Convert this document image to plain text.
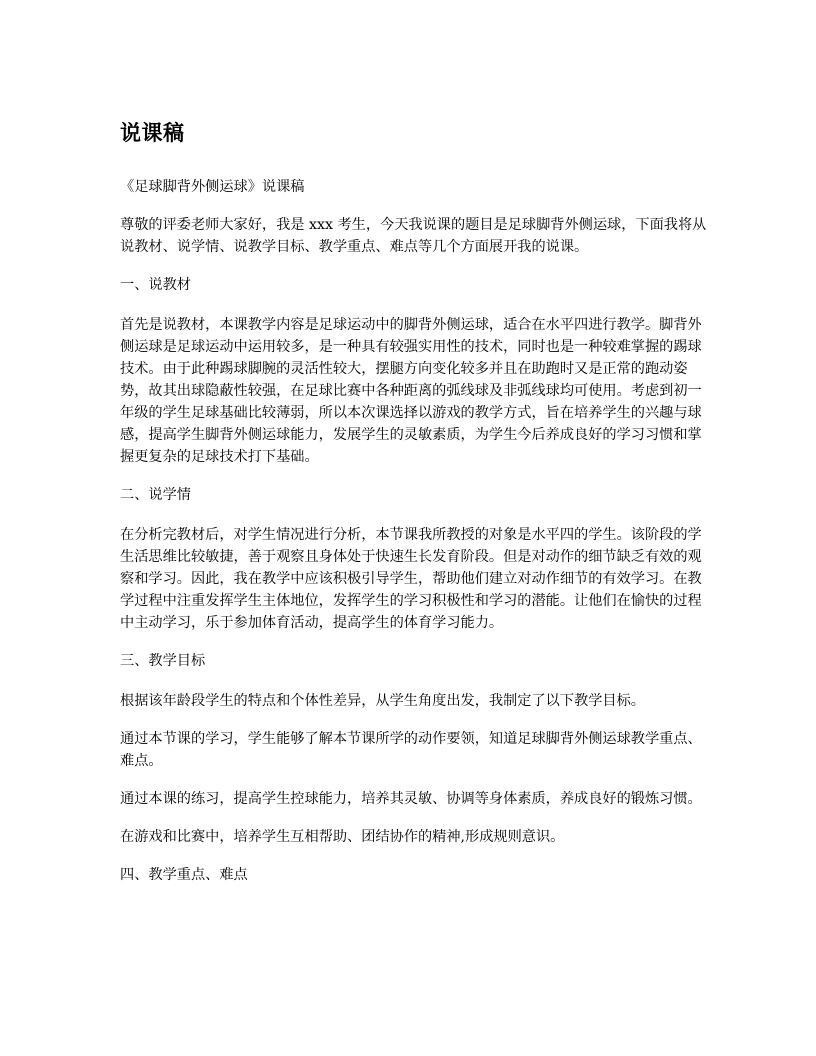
说课稿

《足球脚背外侧运球》说课稿

尊敬的评委老师大家好，我是 xxx 考生，今天我说课的题目是足球脚背外侧运球，下面我将从说教材、说学情、说教学目标、教学重点、难点等几个方面展开我的说课。

一、说教材

首先是说教材，本课教学内容是足球运动中的脚背外侧运球，适合在水平四进行教学。脚背外侧运球是足球运动中运用较多，是一种具有较强实用性的技术，同时也是一种较难掌握的踢球技术。由于此种踢球脚腕的灵活性较大，摆腿方向变化较多并且在助跑时又是正常的跑动姿势，故其出球隐蔽性较强，在足球比赛中各种距离的弧线球及非弧线球均可使用。考虑到初一年级的学生足球基础比较薄弱，所以本次课选择以游戏的教学方式，旨在培养学生的兴趣与球感，提高学生脚背外侧运球能力，发展学生的灵敏素质，为学生今后养成良好的学习习惯和掌握更复杂的足球技术打下基础。

二、说学情

在分析完教材后，对学生情况进行分析，本节课我所教授的对象是水平四的学生。该阶段的学生活思维比较敏捷，善于观察且身体处于快速生长发育阶段。但是对动作的细节缺乏有效的观察和学习。因此，我在教学中应该积极引导学生，帮助他们建立对动作细节的有效学习。在教学过程中注重发挥学生主体地位，发挥学生的学习积极性和学习的潜能。让他们在愉快的过程中主动学习，乐于参加体育活动，提高学生的体育学习能力。

三、教学目标

根据该年龄段学生的特点和个体性差异，从学生角度出发，我制定了以下教学目标。

通过本节课的学习，学生能够了解本节课所学的动作要领，知道足球脚背外侧运球教学重点、难点。

通过本课的练习，提高学生控球能力，培养其灵敏、协调等身体素质，养成良好的锻炼习惯。

在游戏和比赛中，培养学生互相帮助、团结协作的精神,形成规则意识。

四、教学重点、难点
